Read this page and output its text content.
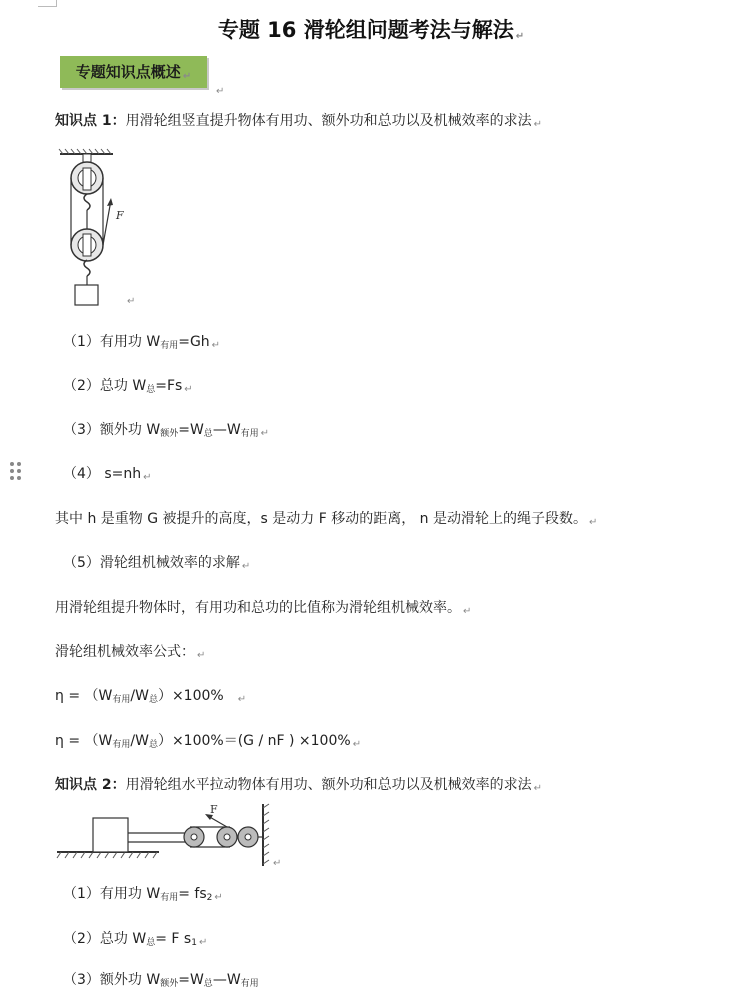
专题 16 滑轮组问题考法与解法 ↵
专题知识点概述 ↵
↵
知识点 1：用滑轮组竖直提升物体有用功、额外功和总功以及机械效率的求法 ↵
F
↵
（1）有用功 $W_{有用}=Gh$ ↵
（2）总功 $W_总=Fs$ ↵
（3）额外功 $W_{额外}=W_总—W_{有用}$ ↵
（4） s=nh ↵
其中 h 是重物 G 被提升的高度，s 是动力 F 移动的距离， n 是动滑轮上的绳子段数。 ↵
（5）滑轮组机械效率的求解 ↵
用滑轮组提升物体时，有用功和总功的比值称为滑轮组机械效率。 ↵
滑轮组机械效率公式： ↵
$\eta = (W_{有用}/W_总)\times 100\%$ ↵
$\eta = (W_{有用}/W_总)\times 100\%=(G$ / nF ) ×100% ↵
知识点 2：用滑轮组水平拉动物体有用功、额外功和总功以及机械效率的求法 ↵
F
↵
（1）有用功 $W_{有用}= fs_2$ ↵
（2）总功 $W_总= F$ $s_1$ ↵
（3）额外功 $W_{额外}=W_总—W_{有用}$
